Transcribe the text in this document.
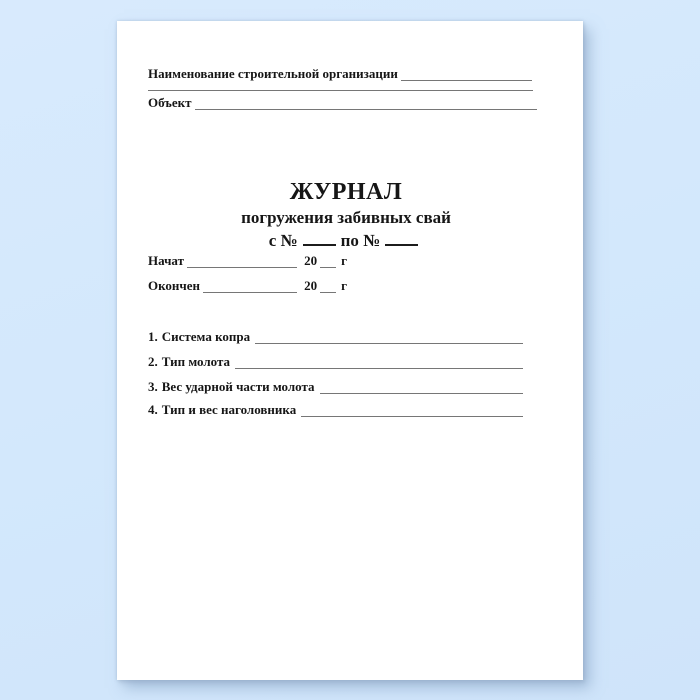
Наименование строительной организации
Объект
ЖУРНАЛ
погружения забивных свай
с №	по №
Начат	20 г
Окончен	20 г
1. Система копра
2. Тип молота
3. Вес ударной части молота
4. Тип и вес наголовника
